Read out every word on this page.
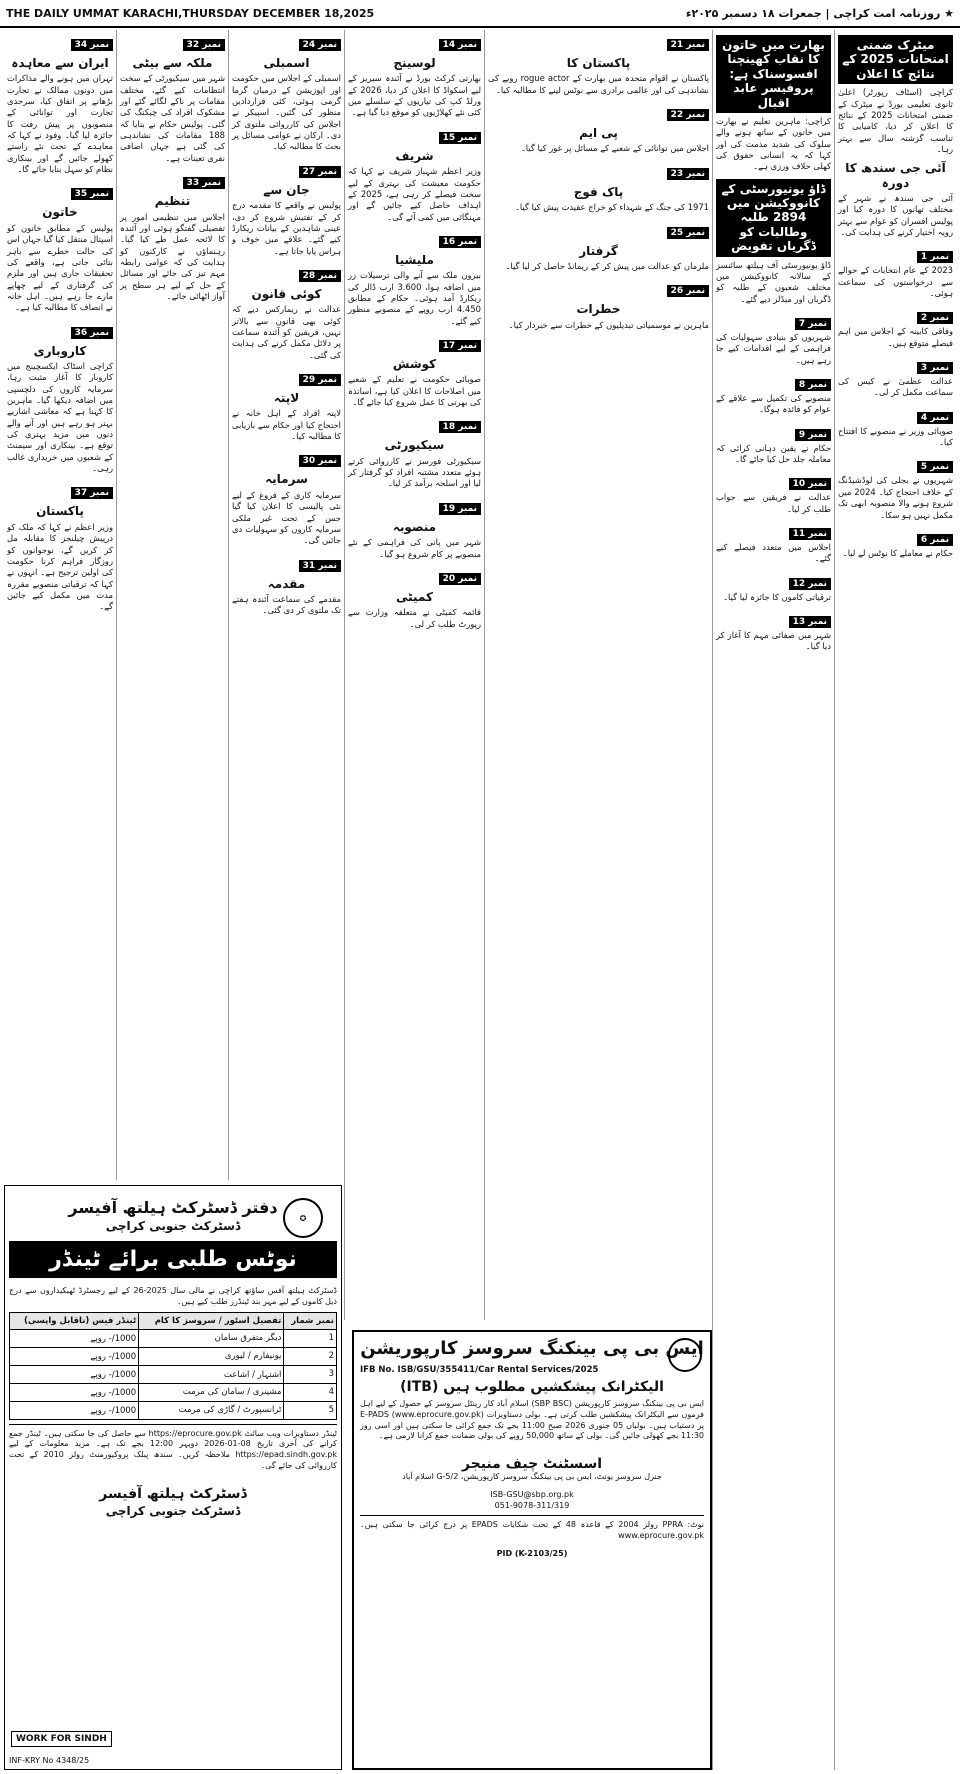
THE DAILY UMMAT KARACHI,THURSDAY DECEMBER 18,2025	★ روزنامہ امت کراچی | جمعرات ۱۸ دسمبر ۲۰۲۵ء
نمبر 34
ایران سے معاہدہ
تہران میں ہونے والے مذاکرات میں دونوں ممالک نے تجارت بڑھانے پر اتفاق کیا، سرحدی تجارت اور توانائی کے منصوبوں پر پیش رفت کا جائزہ لیا گیا۔ وفود نے کہا کہ معاہدے کے تحت نئے راستے کھولے جائیں گے اور بینکاری نظام کو سہل بنایا جائے گا۔
نمبر 35
خاتون
پولیس کے مطابق خاتون کو اسپتال منتقل کیا گیا جہاں اس کی حالت خطرے سے باہر بتائی جاتی ہے، واقعے کی تحقیقات جاری ہیں اور ملزم کی گرفتاری کے لیے چھاپے مارے جا رہے ہیں۔ اہل خانہ نے انصاف کا مطالبہ کیا ہے۔
نمبر 36
کاروباری
کراچی اسٹاک ایکسچینج میں کاروبار کا آغاز مثبت رہا، سرمایہ کاروں کی دلچسپی میں اضافہ دیکھا گیا۔ ماہرین کا کہنا ہے کہ معاشی اشاریے بہتر ہو رہے ہیں اور آنے والے دنوں میں مزید بہتری کی توقع ہے۔ بینکاری اور سیمنٹ کے شعبوں میں خریداری غالب رہی۔
نمبر 37
پاکستان
وزیر اعظم نے کہا کہ ملک کو درپیش چیلنجز کا مقابلہ مل کر کریں گے، نوجوانوں کو روزگار فراہم کرنا حکومت کی اولین ترجیح ہے۔ انہوں نے کہا کہ ترقیاتی منصوبے مقررہ مدت میں مکمل کیے جائیں گے۔
نمبر 32
ملکہ سے بیٹی
شہر میں سیکیورٹی کے سخت انتظامات کیے گئے، مختلف مقامات پر ناکے لگائے گئے اور مشکوک افراد کی چیکنگ کی گئی۔ پولیس حکام نے بتایا کہ 188 مقامات کی نشاندہی کی گئی ہے جہاں اضافی نفری تعینات ہے۔
نمبر 33
تنظیم
اجلاس میں تنظیمی امور پر تفصیلی گفتگو ہوئی اور آئندہ کا لائحہ عمل طے کیا گیا۔ رہنماؤں نے کارکنوں کو ہدایت کی کہ عوامی رابطہ مہم تیز کی جائے اور مسائل کے حل کے لیے ہر سطح پر آواز اٹھائی جائے۔
نمبر 24
اسمبلی
اسمبلی کے اجلاس میں حکومت اور اپوزیشن کے درمیان گرما گرمی ہوئی، کئی قراردادیں منظور کی گئیں۔ اسپیکر نے اجلاس کی کارروائی ملتوی کر دی۔ ارکان نے عوامی مسائل پر بحث کا مطالبہ کیا۔
نمبر 27
جان سے
پولیس نے واقعے کا مقدمہ درج کر کے تفتیش شروع کر دی، عینی شاہدین کے بیانات ریکارڈ کیے گئے۔ علاقے میں خوف و ہراس پایا جاتا ہے۔
نمبر 28
کوئی قانون
عدالت نے ریمارکس دیے کہ کوئی بھی قانون سے بالاتر نہیں، فریقین کو آئندہ سماعت پر دلائل مکمل کرنے کی ہدایت کی گئی۔
نمبر 29
لاپتہ
لاپتہ افراد کے اہل خانہ نے احتجاج کیا اور حکام سے بازیابی کا مطالبہ کیا۔
نمبر 30
سرمایہ
سرمایہ کاری کے فروغ کے لیے نئی پالیسی کا اعلان کیا گیا جس کے تحت غیر ملکی سرمایہ کاروں کو سہولیات دی جائیں گی۔
نمبر 31
مقدمہ
مقدمے کی سماعت آئندہ ہفتے تک ملتوی کر دی گئی۔
نمبر 14
لوسینج
بھارتی کرکٹ بورڈ نے آئندہ سیریز کے لیے اسکواڈ کا اعلان کر دیا، 2026 کے ورلڈ کپ کی تیاریوں کے سلسلے میں کئی نئے کھلاڑیوں کو موقع دیا گیا ہے۔
نمبر 15
شریف
وزیر اعظم شہباز شریف نے کہا کہ حکومت معیشت کی بہتری کے لیے سخت فیصلے کر رہی ہے، 2025 کے اہداف حاصل کیے جائیں گے اور مہنگائی میں کمی آئے گی۔
نمبر 16
ملیشیا
بیرون ملک سے آنے والی ترسیلات زر میں اضافہ ہوا، 3.600 ارب ڈالر کی ریکارڈ آمد ہوئی۔ حکام کے مطابق 4.450 ارب روپے کے منصوبے منظور کیے گئے۔
نمبر 17
کوشش
صوبائی حکومت نے تعلیم کے شعبے میں اصلاحات کا اعلان کیا ہے، اساتذہ کی بھرتی کا عمل شروع کیا جائے گا۔
نمبر 18
سیکیورٹی
سیکیورٹی فورسز نے کارروائی کرتے ہوئے متعدد مشتبہ افراد کو گرفتار کر لیا اور اسلحہ برآمد کر لیا۔
نمبر 19
منصوبہ
شہر میں پانی کی فراہمی کے نئے منصوبے پر کام شروع ہو گیا۔
نمبر 20
کمیٹی
قائمہ کمیٹی نے متعلقہ وزارت سے رپورٹ طلب کر لی۔
نمبر 21
پاکستان کا
پاکستان نے اقوام متحدہ میں بھارت کے rogue actor رویے کی نشاندہی کی اور عالمی برادری سے نوٹس لینے کا مطالبہ کیا۔
نمبر 22
پی ایم
اجلاس میں توانائی کے شعبے کے مسائل پر غور کیا گیا۔
نمبر 23
پاک فوج
1971 کی جنگ کے شہداء کو خراج عقیدت پیش کیا گیا۔
نمبر 25
گرفتار
ملزمان کو عدالت میں پیش کر کے ریمانڈ حاصل کر لیا گیا۔
نمبر 26
خطرات
ماہرین نے موسمیاتی تبدیلیوں کے خطرات سے خبردار کیا۔
بھارت میں خاتون کا نقاب کھینچنا افسوسناک ہے: پروفیسر عابد اقبال
کراچی: ماہرین تعلیم نے بھارت میں خاتون کے ساتھ ہونے والے سلوک کی شدید مذمت کی اور کہا کہ یہ انسانی حقوق کی کھلی خلاف ورزی ہے۔
ڈاؤ یونیورسٹی کے کانووکیشن میں 2894 طلبہ وطالبات کو ڈگریاں تفویض
ڈاؤ یونیورسٹی آف ہیلتھ سائنسز کے سالانہ کانووکیشن میں مختلف شعبوں کے طلبہ کو ڈگریاں اور میڈلز دیے گئے۔
نمبر 7
شہریوں کو بنیادی سہولیات کی فراہمی کے لیے اقدامات کیے جا رہے ہیں۔
نمبر 8
منصوبے کی تکمیل سے علاقے کے عوام کو فائدہ ہوگا۔
نمبر 9
حکام نے یقین دہانی کرائی کہ معاملہ جلد حل کیا جائے گا۔
نمبر 10
عدالت نے فریقین سے جواب طلب کر لیا۔
نمبر 11
اجلاس میں متعدد فیصلے کیے گئے۔
نمبر 12
ترقیاتی کاموں کا جائزہ لیا گیا۔
نمبر 13
شہر میں صفائی مہم کا آغاز کر دیا گیا۔
میٹرک ضمنی امتحانات 2025 کے نتائج کا اعلان
کراچی (اسٹاف رپورٹر) اعلیٰ ثانوی تعلیمی بورڈ نے میٹرک کے ضمنی امتحانات 2025 کے نتائج کا اعلان کر دیا، کامیابی کا تناسب گزشتہ سال سے بہتر رہا۔
آئی جی سندھ کا دورہ
آئی جی سندھ نے شہر کے مختلف تھانوں کا دورہ کیا اور پولیس افسران کو عوام سے بہتر رویہ اختیار کرنے کی ہدایت کی۔
نمبر 1
2023 کے عام انتخابات کے حوالے سے درخواستوں کی سماعت ہوئی۔
نمبر 2
وفاقی کابینہ کے اجلاس میں اہم فیصلے متوقع ہیں۔
نمبر 3
عدالت عظمیٰ نے کیس کی سماعت مکمل کر لی۔
نمبر 4
صوبائی وزیر نے منصوبے کا افتتاح کیا۔
نمبر 5
شہریوں نے بجلی کی لوڈشیڈنگ کے خلاف احتجاج کیا۔ 2024 میں شروع ہونے والا منصوبہ ابھی تک مکمل نہیں ہو سکا۔
نمبر 6
حکام نے معاملے کا نوٹس لے لیا۔
✪
دفتر ڈسٹرکٹ ہیلتھ آفیسر
ڈسٹرکٹ جنوبی کراچی
نوٹس طلبی برائے ٹینڈر
ڈسٹرکٹ ہیلتھ آفس ساؤتھ کراچی نے مالی سال 2025-26 کے لیے رجسٹرڈ ٹھیکیداروں سے درج ذیل کاموں کے لیے مہر بند ٹینڈرز طلب کیے ہیں۔
نمبر شمار	تفصیل اسٹور / سروسز کا کام	ٹینڈر فیس (ناقابل واپسی)
1	دیگر متفرق سامان	1000/- روپے
2	یونیفارم / لیوری	1000/- روپے
3	اشتہار / اشاعت	1000/- روپے
4	مشینری / سامان کی مرمت	1000/- روپے
5	ٹرانسپورٹ / گاڑی کی مرمت	1000/- روپے
ٹینڈر دستاویزات ویب سائٹ https://eprocure.gov.pk سے حاصل کی جا سکتی ہیں۔ ٹینڈر جمع کرانے کی آخری تاریخ 08-01-2026 دوپہر 12:00 بجے تک ہے۔ مزید معلومات کے لیے https://epad.sindh.gov.pk ملاحظہ کریں۔ سندھ پبلک پروکیورمنٹ رولز 2010 کے تحت کارروائی کی جائے گی۔
ڈسٹرکٹ ہیلتھ آفیسر
ڈسٹرکٹ جنوبی کراچی
WORK FOR SINDH
INF-KRY No 4348/25
ایس بی پی بینکنگ سروسز کارپوریشن
IFB No. ISB/GSU/355411/Car Rental Services/2025
الیکٹرانک پیشکشیں مطلوب ہیں (ITB)
ایس بی پی بینکنگ سروسز کارپوریشن (SBP BSC) اسلام آباد کار رینٹل سروسز کے حصول کے لیے اہل فرموں سے الیکٹرانک پیشکشیں طلب کرتی ہے۔ بولی دستاویزات E-PADS (www.eprocure.gov.pk) پر دستیاب ہیں۔ بولیاں 05 جنوری 2026 صبح 11:00 بجے تک جمع کرائی جا سکتی ہیں اور اسی روز 11:30 بجے کھولی جائیں گی۔ بولی کے ساتھ 50,000 روپے کی بولی ضمانت جمع کرانا لازمی ہے۔
اسسٹنٹ چیف منیجر
جنرل سروسز یونٹ، ایس بی پی بینکنگ سروسز کارپوریشن، G-5/2 اسلام آباد
ISB-GSU@sbp.org.pk
051-9078-311/319
نوٹ: PPRA رولز 2004 کے قاعدہ 48 کے تحت شکایات EPADS پر درج کرائی جا سکتی ہیں۔ www.eprocure.gov.pk
PID (K-2103/25)
